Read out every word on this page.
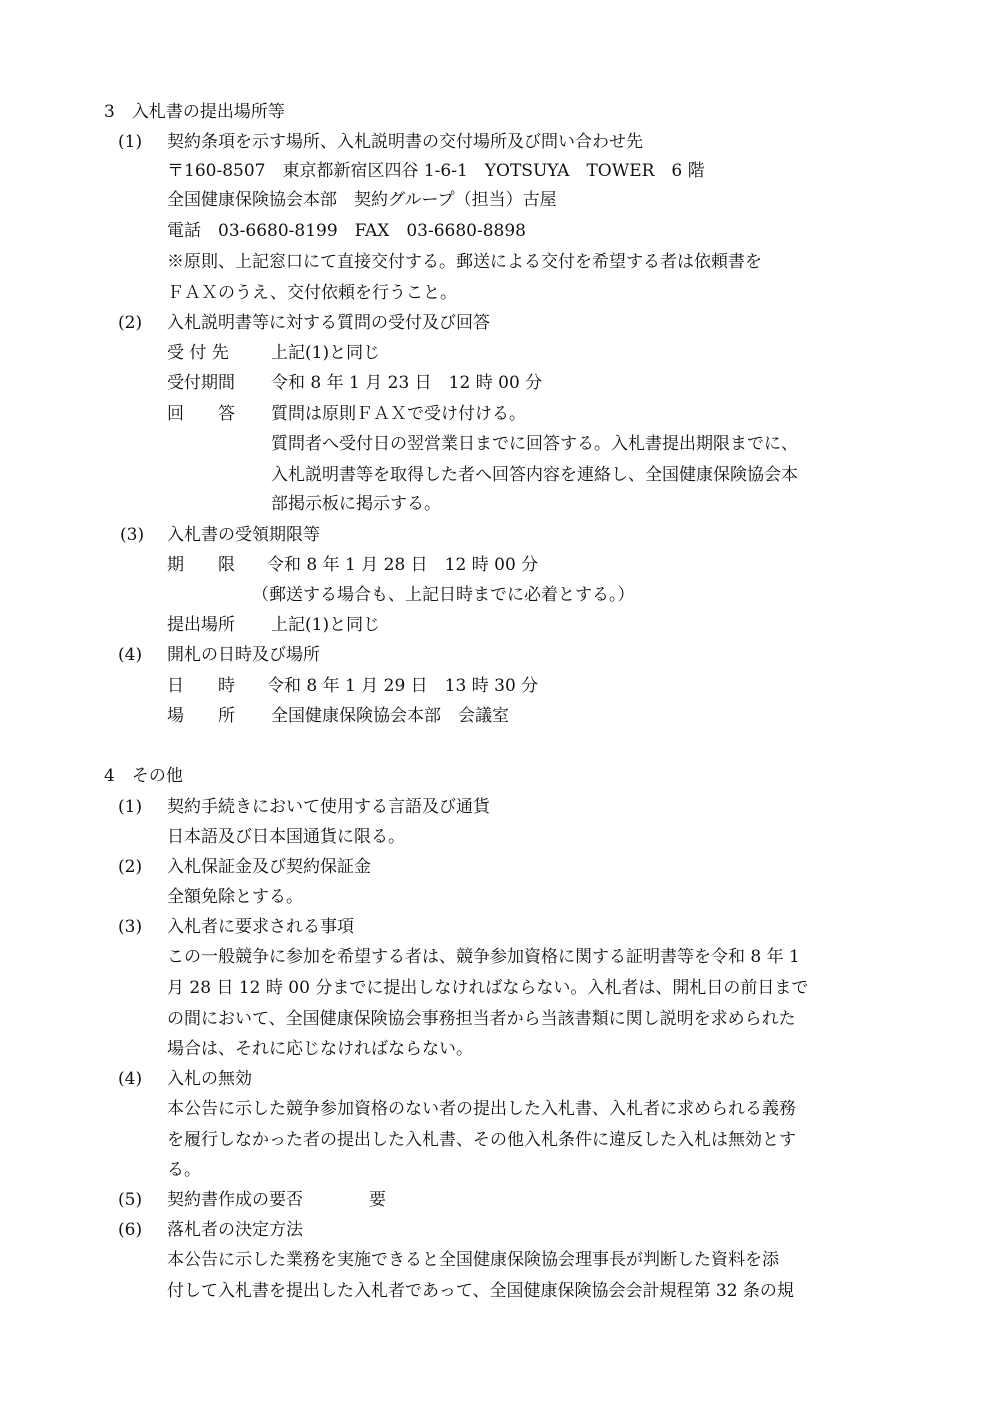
3　入札書の提出場所等
(1) 契約条項を示す場所、入札説明書の交付場所及び問い合わせ先
〒160-8507　東京都新宿区四谷 1-6-1　YOTSUYA　TOWER　6 階
全国健康保険協会本部　契約グループ（担当）古屋
電話　03-6680-8199　FAX　03-6680-8898
※原則、上記窓口にて直接交付する。郵送による交付を希望する者は依頼書を
ＦＡＸのうえ、交付依頼を行うこと。
(2) 入札説明書等に対する質問の受付及び回答
受 付 先 上記(1)と同じ
受付期間 令和 8 年 1 月 23 日　12 時 00 分
回　　答 質問は原則ＦＡＸで受け付ける。
質問者へ受付日の翌営業日までに回答する。入札書提出期限までに、
入札説明書等を取得した者へ回答内容を連絡し、全国健康保険協会本
部掲示板に掲示する。
(3) 入札書の受領期限等
期　　限 令和 8 年 1 月 28 日　12 時 00 分
（郵送する場合も、上記日時までに必着とする。）
提出場所 上記(1)と同じ
(4) 開札の日時及び場所
日　　時 令和 8 年 1 月 29 日　13 時 30 分
場　　所 全国健康保険協会本部　会議室
4　その他
(1) 契約手続きにおいて使用する言語及び通貨
日本語及び日本国通貨に限る。
(2) 入札保証金及び契約保証金
全額免除とする。
(3) 入札者に要求される事項
この一般競争に参加を希望する者は、競争参加資格に関する証明書等を令和 8 年 1
月 28 日 12 時 00 分までに提出しなければならない。入札者は、開札日の前日まで
の間において、全国健康保険協会事務担当者から当該書類に関し説明を求められた
場合は、それに応じなければならない。
(4) 入札の無効
本公告に示した競争参加資格のない者の提出した入札書、入札者に求められる義務
を履行しなかった者の提出した入札書、その他入札条件に違反した入札は無効とす
る。
(5) 契約書作成の要否	要
(6) 落札者の決定方法
本公告に示した業務を実施できると全国健康保険協会理事長が判断した資料を添
付して入札書を提出した入札者であって、全国健康保険協会会計規程第 32 条の規
